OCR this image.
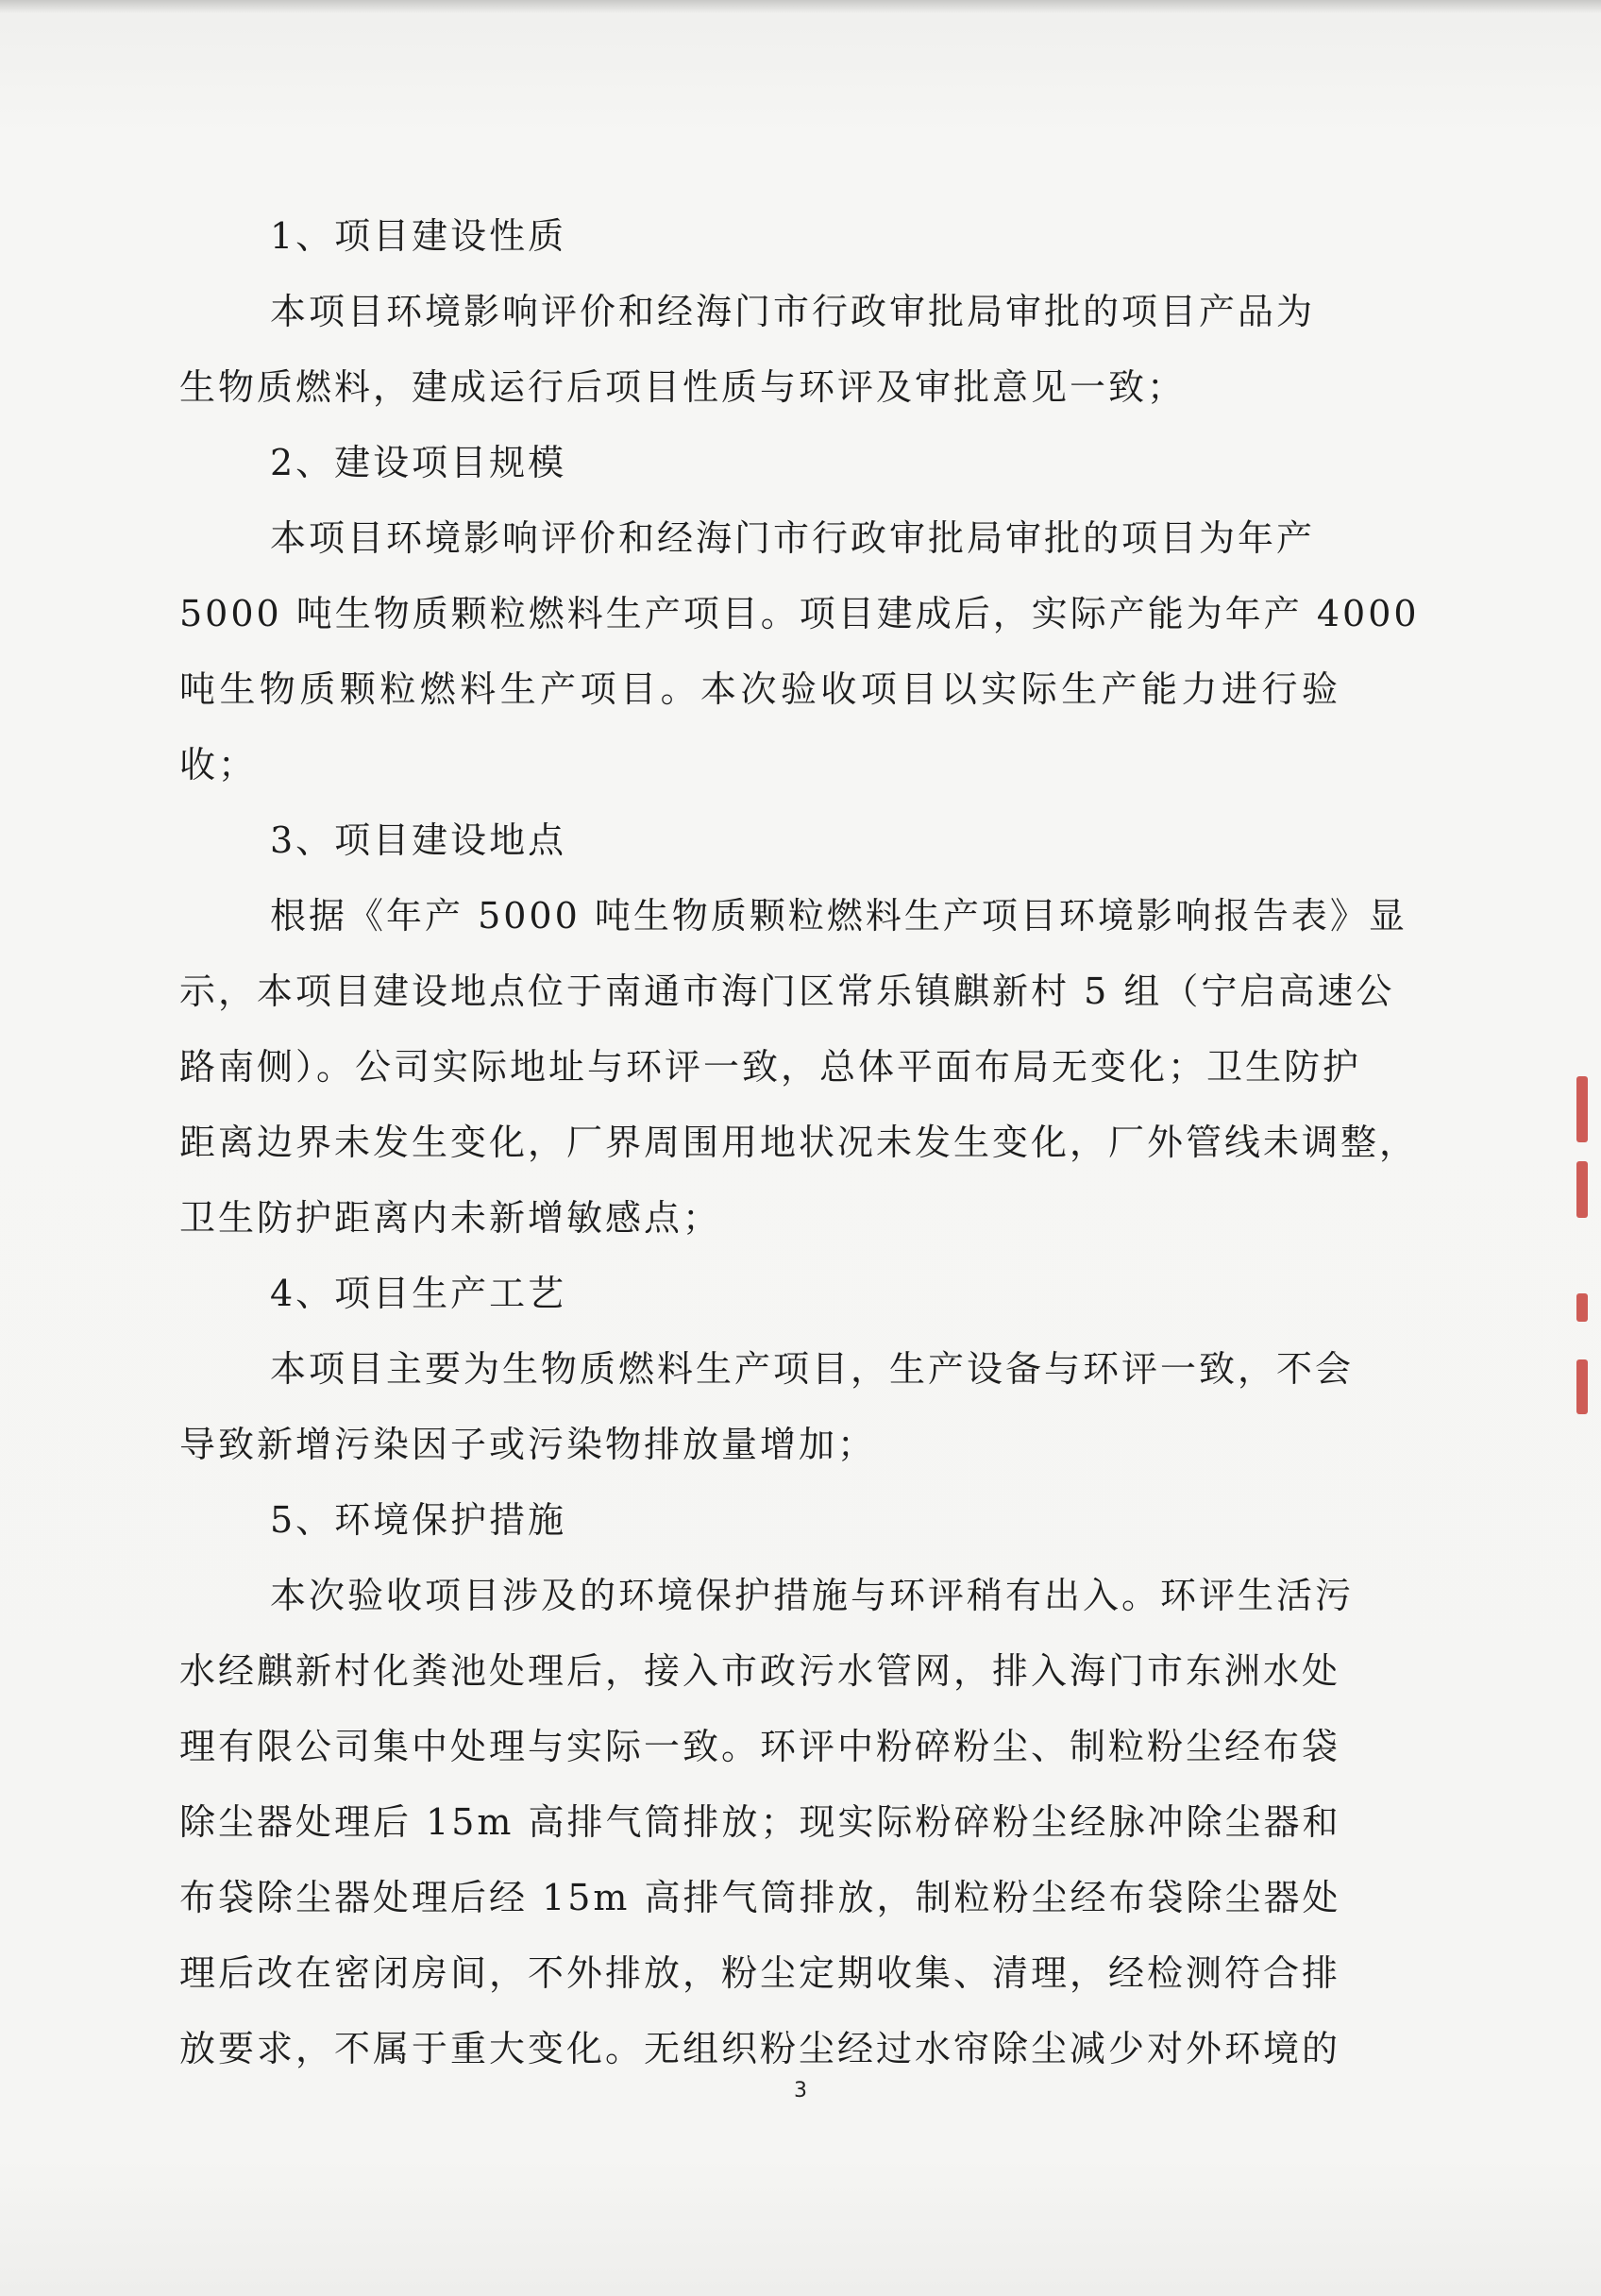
1、项目建设性质
本项目环境影响评价和经海门市行政审批局审批的项目产品为
生物质燃料，建成运行后项目性质与环评及审批意见一致；
2、建设项目规模
本项目环境影响评价和经海门市行政审批局审批的项目为年产
5000 吨生物质颗粒燃料生产项目。项目建成后，实际产能为年产 4000
吨生物质颗粒燃料生产项目。本次验收项目以实际生产能力进行验
收；
3、项目建设地点
根据《年产 5000 吨生物质颗粒燃料生产项目环境影响报告表》显
示，本项目建设地点位于南通市海门区常乐镇麒新村 5 组（宁启高速公
路南侧）。公司实际地址与环评一致，总体平面布局无变化；卫生防护
距离边界未发生变化，厂界周围用地状况未发生变化，厂外管线未调整，
卫生防护距离内未新增敏感点；
4、项目生产工艺
本项目主要为生物质燃料生产项目，生产设备与环评一致，不会
导致新增污染因子或污染物排放量增加；
5、环境保护措施
本次验收项目涉及的环境保护措施与环评稍有出入。环评生活污
水经麒新村化粪池处理后，接入市政污水管网，排入海门市东洲水处
理有限公司集中处理与实际一致。环评中粉碎粉尘、制粒粉尘经布袋
除尘器处理后 15m 高排气筒排放；现实际粉碎粉尘经脉冲除尘器和
布袋除尘器处理后经 15m 高排气筒排放，制粒粉尘经布袋除尘器处
理后改在密闭房间，不外排放，粉尘定期收集、清理，经检测符合排
放要求，不属于重大变化。无组织粉尘经过水帘除尘减少对外环境的
3
